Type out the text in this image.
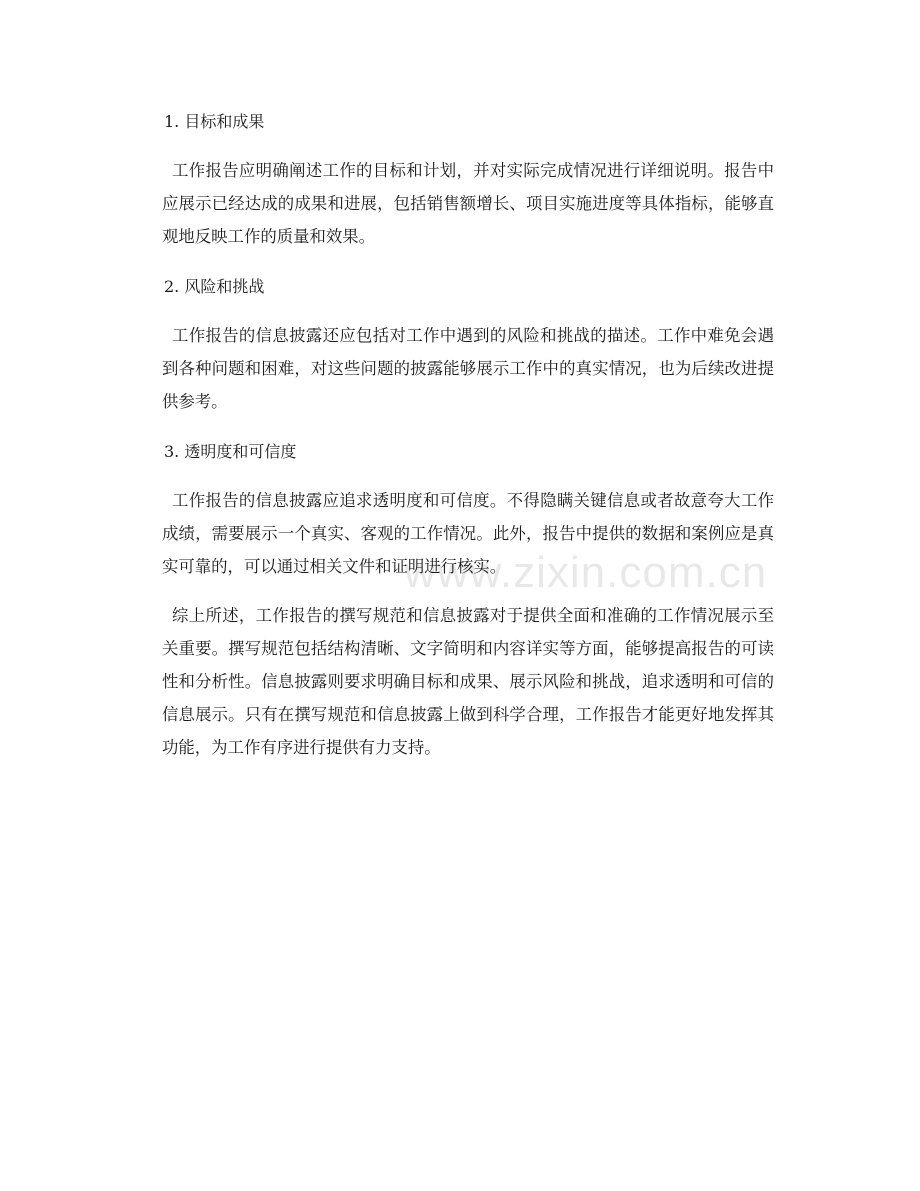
1. 目标和成果

工作报告应明确阐述工作的目标和计划，并对实际完成情况进行详细说明。报告中应展示已经达成的成果和进展，包括销售额增长、项目实施进度等具体指标，能够直观地反映工作的质量和效果。

2. 风险和挑战

工作报告的信息披露还应包括对工作中遇到的风险和挑战的描述。工作中难免会遇到各种问题和困难，对这些问题的披露能够展示工作中的真实情况，也为后续改进提供参考。

3. 透明度和可信度

工作报告的信息披露应追求透明度和可信度。不得隐瞒关键信息或者故意夸大工作成绩，需要展示一个真实、客观的工作情况。此外，报告中提供的数据和案例应是真实可靠的，可以通过相关文件和证明进行核实。

综上所述，工作报告的撰写规范和信息披露对于提供全面和准确的工作情况展示至关重要。撰写规范包括结构清晰、文字简明和内容详实等方面，能够提高报告的可读性和分析性。信息披露则要求明确目标和成果、展示风险和挑战，追求透明和可信的信息展示。只有在撰写规范和信息披露上做到科学合理，工作报告才能更好地发挥其功能，为工作有序进行提供有力支持。

www.zixin.com.cn
